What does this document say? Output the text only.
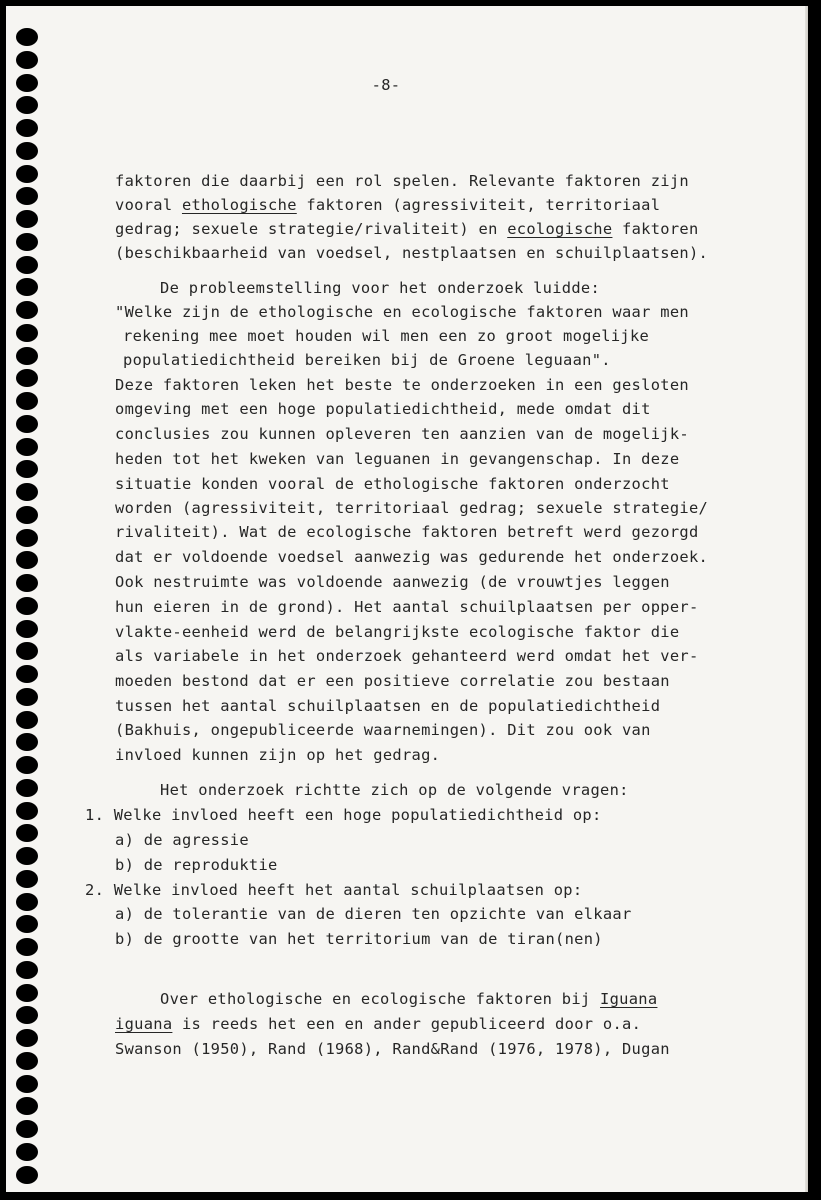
-8-

faktoren die daarbij een rol spelen. Relevante faktoren zijn

vooral ethologische faktoren (agressiviteit, territoriaal

gedrag; sexuele strategie/rivaliteit) en ecologische faktoren

(beschikbaarheid van voedsel, nestplaatsen en schuilplaatsen).

De probleemstelling voor het onderzoek luidde:

"Welke zijn de ethologische en ecologische faktoren waar men

rekening mee moet houden wil men een zo groot mogelijke

populatiedichtheid bereiken bij de Groene leguaan".

Deze faktoren leken het beste te onderzoeken in een gesloten

omgeving met een hoge populatiedichtheid, mede omdat dit

conclusies zou kunnen opleveren ten aanzien van de mogelijk-

heden tot het kweken van leguanen in gevangenschap. In deze

situatie konden vooral de ethologische faktoren onderzocht

worden (agressiviteit, territoriaal gedrag; sexuele strategie/

rivaliteit). Wat de ecologische faktoren betreft werd gezorgd

dat er voldoende voedsel aanwezig was gedurende het onderzoek.

Ook nestruimte was voldoende aanwezig (de vrouwtjes leggen

hun eieren in de grond). Het aantal schuilplaatsen per opper-

vlakte-eenheid werd de belangrijkste ecologische faktor die

als variabele in het onderzoek gehanteerd werd omdat het ver-

moeden bestond dat er een positieve correlatie zou bestaan

tussen het aantal schuilplaatsen en de populatiedichtheid

(Bakhuis, ongepubliceerde waarnemingen). Dit zou ook van

invloed kunnen zijn op het gedrag.

Het onderzoek richtte zich op de volgende vragen:

1. Welke invloed heeft een hoge populatiedichtheid op:

a) de agressie

b) de reproduktie

2. Welke invloed heeft het aantal schuilplaatsen op:

a) de tolerantie van de dieren ten opzichte van elkaar

b) de grootte van het territorium van de tiran(nen)

Over ethologische en ecologische faktoren bij Iguana

iguana is reeds het een en ander gepubliceerd door o.a.

Swanson (1950), Rand (1968), Rand&Rand (1976, 1978), Dugan
